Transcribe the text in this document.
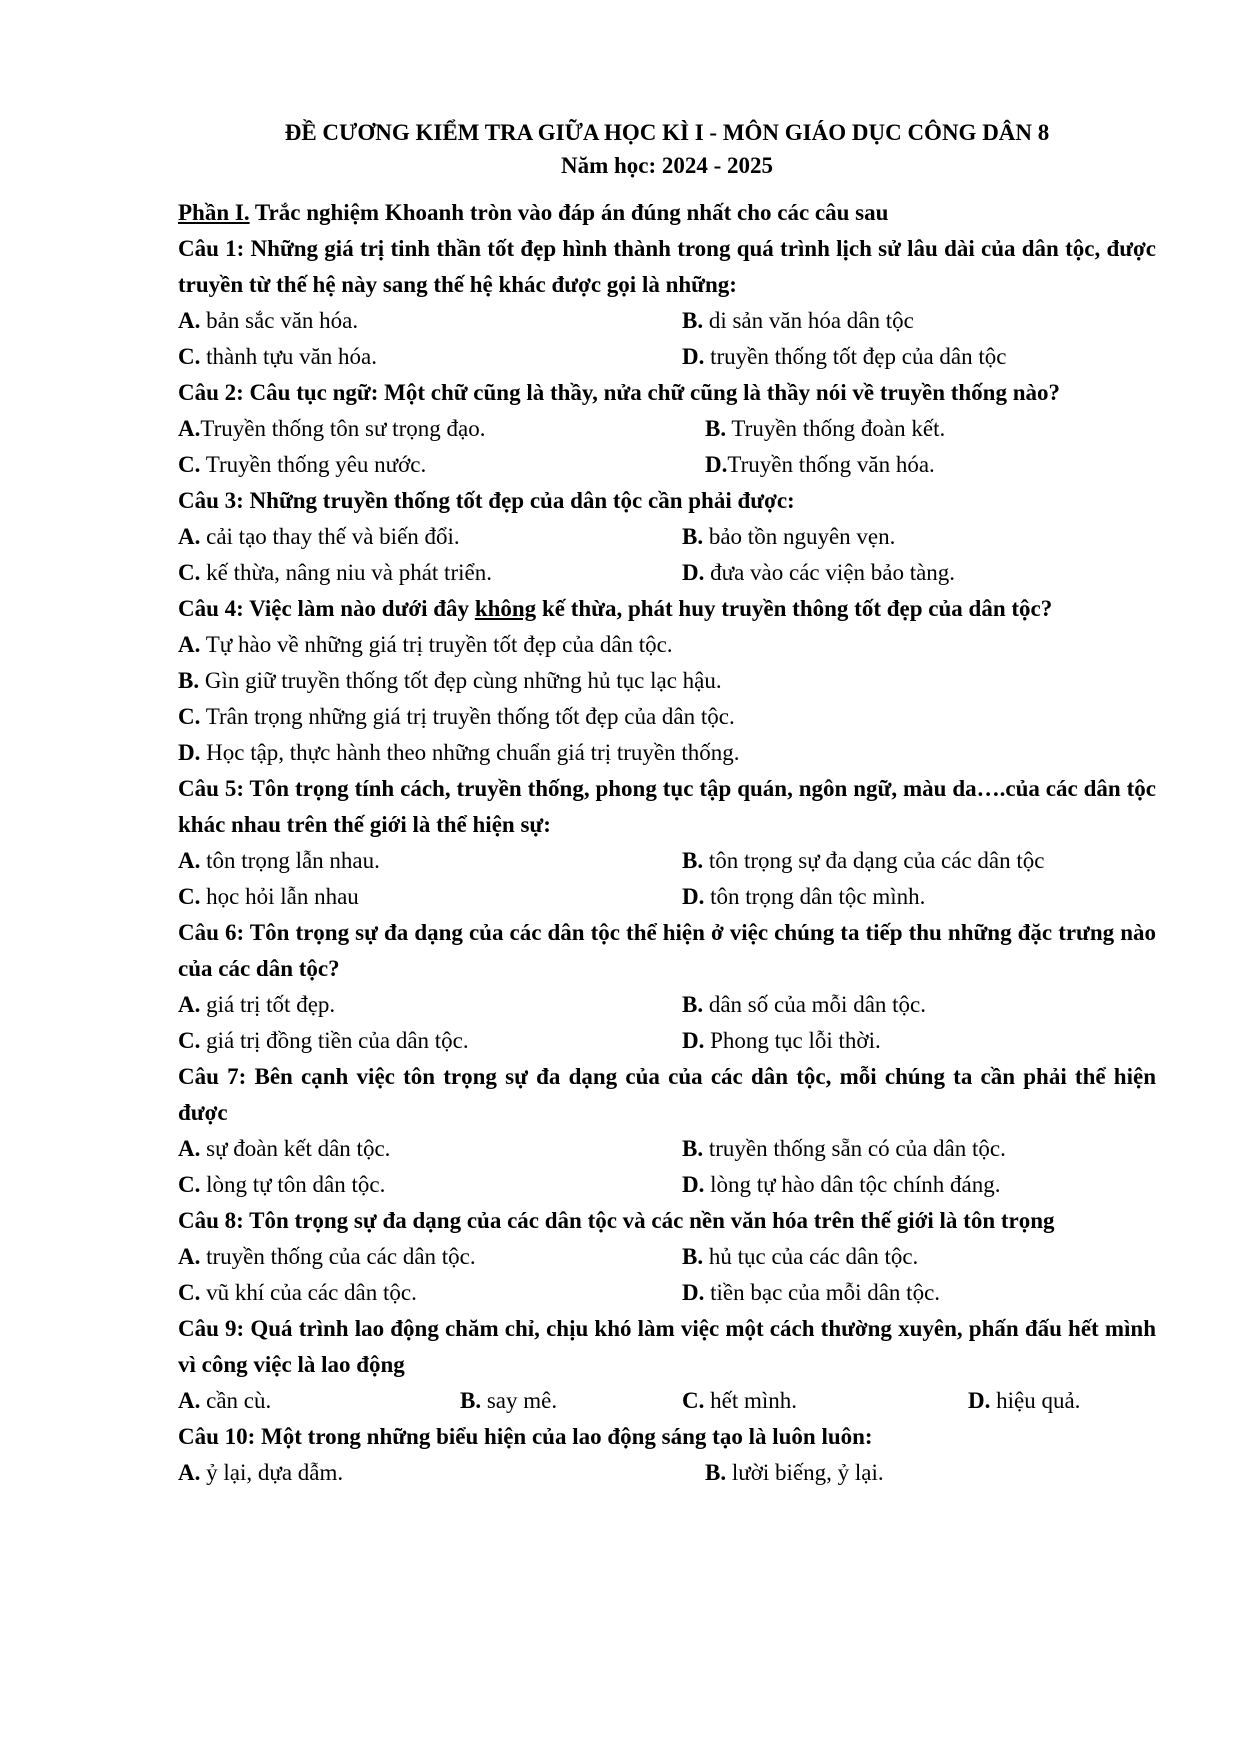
ĐỀ CƯƠNG KIỂM TRA GIỮA HỌC KÌ I - MÔN GIÁO DỤC CÔNG DÂN 8
Năm học: 2024 - 2025
Phần I. Trắc nghiệm Khoanh tròn vào đáp án đúng nhất cho các câu sau
Câu 1: Những giá trị tinh thần tốt đẹp hình thành trong quá trình lịch sử lâu dài của dân tộc, được truyền từ thế hệ này sang thế hệ khác được gọi là những:
A. bản sắc văn hóa.	B. di sản văn hóa dân tộc
C. thành tựu văn hóa.	D. truyền thống tốt đẹp của dân tộc
Câu 2: Câu tục ngữ: Một chữ cũng là thầy, nửa chữ cũng là thầy nói về truyền thống nào?
A.Truyền thống tôn sư trọng đạo.	B. Truyền thống đoàn kết.
C. Truyền thống yêu nước.	D.Truyền thống văn hóa.
Câu 3: Những truyền thống tốt đẹp của dân tộc cần phải được:
A. cải tạo thay thế và biến đổi.	B. bảo tồn nguyên vẹn.
C. kế thừa, nâng niu và phát triển.	D. đưa vào các viện bảo tàng.
Câu 4: Việc làm nào dưới đây không kế thừa, phát huy truyền thông tốt đẹp của dân tộc?
A. Tự hào về những giá trị truyền tốt đẹp của dân tộc.
B. Gìn giữ truyền thống tốt đẹp cùng những hủ tục lạc hậu.
C. Trân trọng những giá trị truyền thống tốt đẹp của dân tộc.
D. Học tập, thực hành theo những chuẩn giá trị truyền thống.
Câu 5: Tôn trọng tính cách, truyền thống, phong tục tập quán, ngôn ngữ, màu da….của các dân tộc khác nhau trên thế giới là thể hiện sự:
A. tôn trọng lẫn nhau.	B. tôn trọng sự đa dạng của các dân tộc
C. học hỏi lẫn nhau	D. tôn trọng dân tộc mình.
Câu 6: Tôn trọng sự đa dạng của các dân tộc thể hiện ở việc chúng ta tiếp thu những đặc trưng nào của các dân tộc?
A. giá trị tốt đẹp.	B. dân số của mỗi dân tộc.
C. giá trị đồng tiền của dân tộc.	D. Phong tục lỗi thời.
Câu 7: Bên cạnh việc tôn trọng sự đa dạng của của các dân tộc, mỗi chúng ta cần phải thể hiện được
A. sự đoàn kết dân tộc.	B. truyền thống sẵn có của dân tộc.
C. lòng tự tôn dân tộc.	D. lòng tự hào dân tộc chính đáng.
Câu 8: Tôn trọng sự đa dạng của các dân tộc và các nền văn hóa trên thế giới là tôn trọng
A. truyền thống của các dân tộc.	B. hủ tục của các dân tộc.
C. vũ khí của các dân tộc.	D. tiền bạc của mỗi dân tộc.
Câu 9: Quá trình lao động chăm chỉ, chịu khó làm việc một cách thường xuyên, phấn đấu hết mình vì công việc là lao động
A. cần cù.	B. say mê.	C. hết mình.	D. hiệu quả.
Câu 10: Một trong những biểu hiện của lao động sáng tạo là luôn luôn:
A. ỷ lại, dựa dẫm.	B. lười biếng, ỷ lại.
